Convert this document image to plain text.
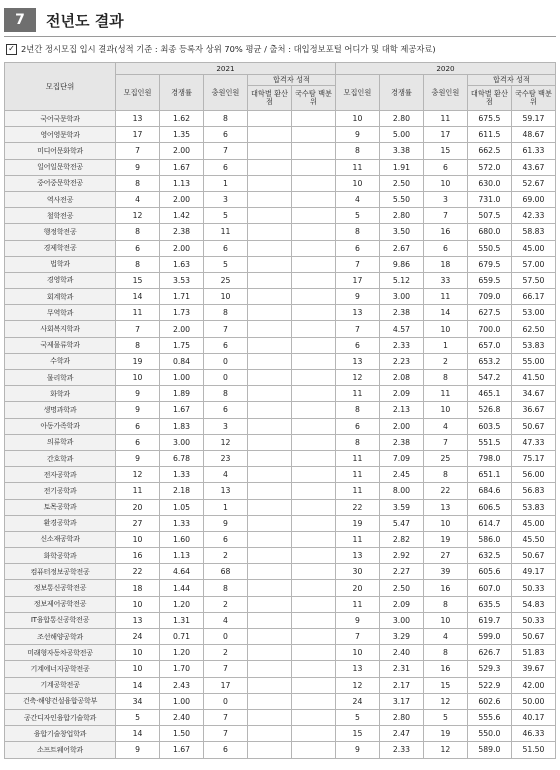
7	전년도 결과
✓ 2년간 정시모집 입시 결과(성적 기준 : 최종 등록자 상위 70% 평균 / 출처 : 대입정보포털 어디가 및 대학 제공자료)
모집단위	2021					2020				
	모집인원	경쟁률	충원인원	합격자 성적		모집인원	경쟁률	충원인원	합격자 성적	
				대학별 환산점	국수탐 백분위				대학별 환산점	국수탐 백분위
국어국문학과	13	1.62	8			10	2.80	11	675.5	59.17
영어영문학과	17	1.35	6			9	5.00	17	611.5	48.67
미디어문화학과	7	2.00	7			8	3.38	15	662.5	61.33
일어일문학전공	9	1.67	6			11	1.91	6	572.0	43.67
중어중문학전공	8	1.13	1			10	2.50	10	630.0	52.67
역사전공	4	2.00	3			4	5.50	3	731.0	69.00
철학전공	12	1.42	5			5	2.80	7	507.5	42.33
행정학전공	8	2.38	11			8	3.50	16	680.0	58.83
경제학전공	6	2.00	6			6	2.67	6	550.5	45.00
법학과	8	1.63	5			7	9.86	18	679.5	57.00
경영학과	15	3.53	25			17	5.12	33	659.5	57.50
회계학과	14	1.71	10			9	3.00	11	709.0	66.17
무역학과	11	1.73	8			13	2.38	14	627.5	53.00
사회복지학과	7	2.00	7			7	4.57	10	700.0	62.50
국제물류학과	8	1.75	6			6	2.33	1	657.0	53.83
수학과	19	0.84	0			13	2.23	2	653.2	55.00
물리학과	10	1.00	0			12	2.08	8	547.2	41.50
화학과	9	1.89	8			11	2.09	11	465.1	34.67
생명과학과	9	1.67	6			8	2.13	10	526.8	36.67
아동가족학과	6	1.83	3			6	2.00	4	603.5	50.67
의류학과	6	3.00	12			8	2.38	7	551.5	47.33
간호학과	9	6.78	23			11	7.09	25	798.0	75.17
전자공학과	12	1.33	4			11	2.45	8	651.1	56.00
전기공학과	11	2.18	13			11	8.00	22	684.6	56.83
토목공학과	20	1.05	1			22	3.59	13	606.5	53.83
환경공학과	27	1.33	9			19	5.47	10	614.7	45.00
신소재공학과	10	1.60	6			11	2.82	19	586.0	45.50
화학공학과	16	1.13	2			13	2.92	27	632.5	50.67
컴퓨터정보공학전공	22	4.64	68			30	2.27	39	605.6	49.17
정보통신공학전공	18	1.44	8			20	2.50	16	607.0	50.33
정보제어공학전공	10	1.20	2			11	2.09	8	635.5	54.83
IT융합통신공학전공	13	1.31	4			9	3.00	10	619.7	50.33
조선해양공학과	24	0.71	0			7	3.29	4	599.0	50.67
미래형자동차공학전공	10	1.20	2			10	2.40	8	626.7	51.83
기계에너지공학전공	10	1.70	7			13	2.31	16	529.3	39.67
기계공학전공	14	2.43	17			12	2.17	15	522.9	42.00
건축·해양건설융합공학부	34	1.00	0			24	3.17	12	602.6	50.00
공간디자인융합기술학과	5	2.40	7			5	2.80	5	555.6	40.17
융합기술창업학과	14	1.50	7			15	2.47	19	550.0	46.33
소프트웨어학과	9	1.67	6			9	2.33	12	589.0	51.50
